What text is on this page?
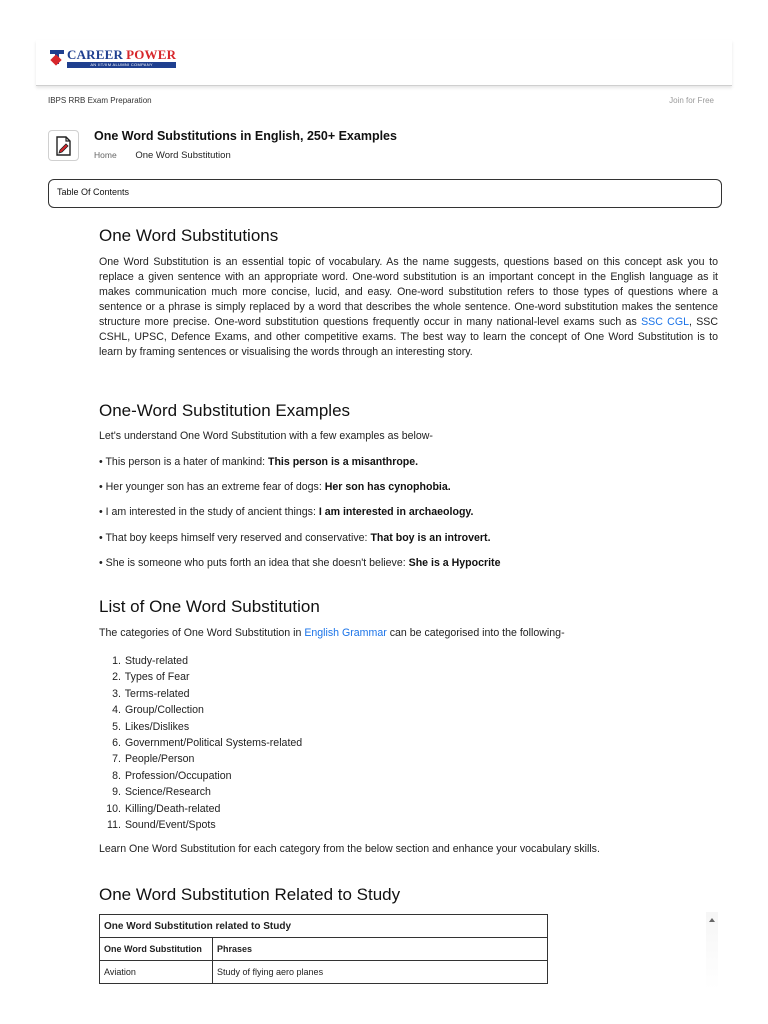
CAREER POWER
AN IIT/IIM ALUMNI COMPANY
IBPS RRB Exam Preparation	Join for Free
One Word Substitutions in English, 250+ Examples
Home One Word Substitution
Table Of Contents
One Word Substitutions

One Word Substitution is an essential topic of vocabulary. As the name suggests, questions based on this concept ask you to replace a given sentence with an appropriate word. One-word substitution is an important concept in the English language as it makes communication much more concise, lucid, and easy. One-word substitution refers to those types of questions where a sentence or a phrase is simply replaced by a word that describes the whole sentence. One-word substitution makes the sentence structure more precise. One-word substitution questions frequently occur in many national-level exams such as SSC CGL, SSC CSHL, UPSC, Defence Exams, and other competitive exams. The best way to learn the concept of One Word Substitution is to learn by framing sentences or visualising the words through an interesting story.

One-Word Substitution Examples

Let's understand One Word Substitution with a few examples as below-

• This person is a hater of mankind: This person is a misanthrope.
• Her younger son has an extreme fear of dogs: Her son has cynophobia.
• I am interested in the study of ancient things: I am interested in archaeology.
• That boy keeps himself very reserved and conservative: That boy is an introvert.
• She is someone who puts forth an idea that she doesn't believe: She is a Hypocrite
List of One Word Substitution

The categories of One Word Substitution in English Grammar can be categorised into the following-

1. Study-related
2. Types of Fear
3. Terms-related
4. Group/Collection
5. Likes/Dislikes
6. Government/Political Systems-related
7. People/Person
8. Profession/Occupation
9. Science/Research
10. Killing/Death-related
11. Sound/Event/Spots

Learn One Word Substitution for each category from the below section and enhance your vocabulary skills.

One Word Substitution Related to Study
One Word Substitution related to Study	
One Word Substitution	Phrases
Aviation	Study of flying aero planes
